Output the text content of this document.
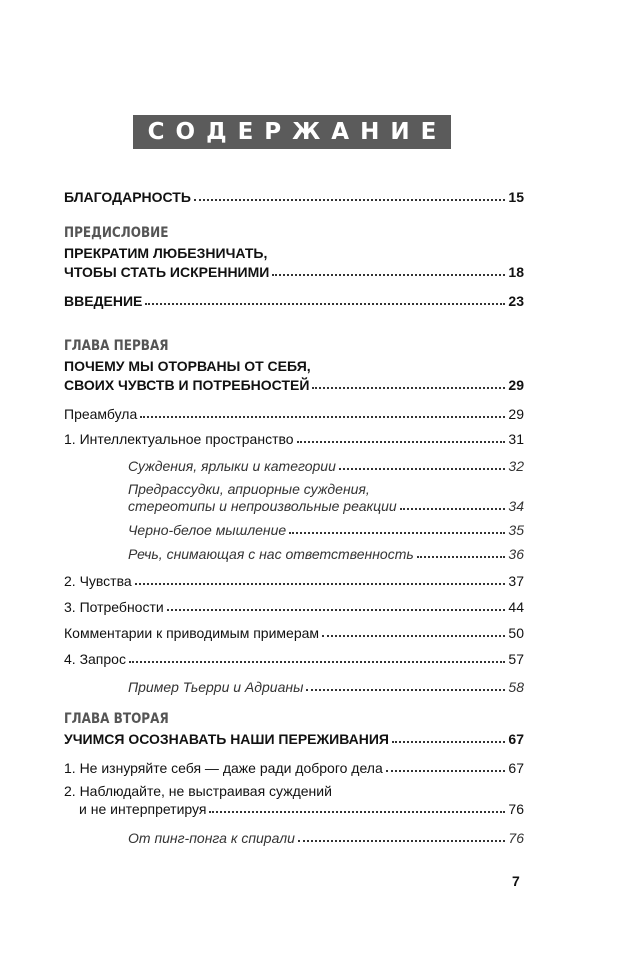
СОДЕРЖАНИЕ
БЛАГОДАРНОСТЬ	15
ПРЕДИСЛОВИЕ
ПРЕКРАТИМ ЛЮБЕЗНИЧАТЬ,
ЧТОБЫ СТАТЬ ИСКРЕННИМИ	18
ВВЕДЕНИЕ	23
ГЛАВА ПЕРВАЯ
ПОЧЕМУ МЫ ОТОРВАНЫ ОТ СЕБЯ,
СВОИХ ЧУВСТВ И ПОТРЕБНОСТЕЙ	29
Преамбула	29
1. Интеллектуальное пространство	31
Суждения, ярлыки и категории	32
Предрассудки, априорные суждения,
стереотипы и непроизвольные реакции	34
Черно-белое мышление	35
Речь, снимающая с нас ответственность	36
2. Чувства	37
3. Потребности	44
Комментарии к приводимым примерам	50
4. Запрос	57
Пример Тьерри и Адрианы	58
ГЛАВА ВТОРАЯ
УЧИМСЯ ОСОЗНАВАТЬ НАШИ ПЕРЕЖИВАНИЯ	67
1. Не изнуряйте себя — даже ради доброго дела	67
2. Наблюдайте, не выстраивая суждений
и не интерпретируя	76
От пинг-понга к спирали	76
7
